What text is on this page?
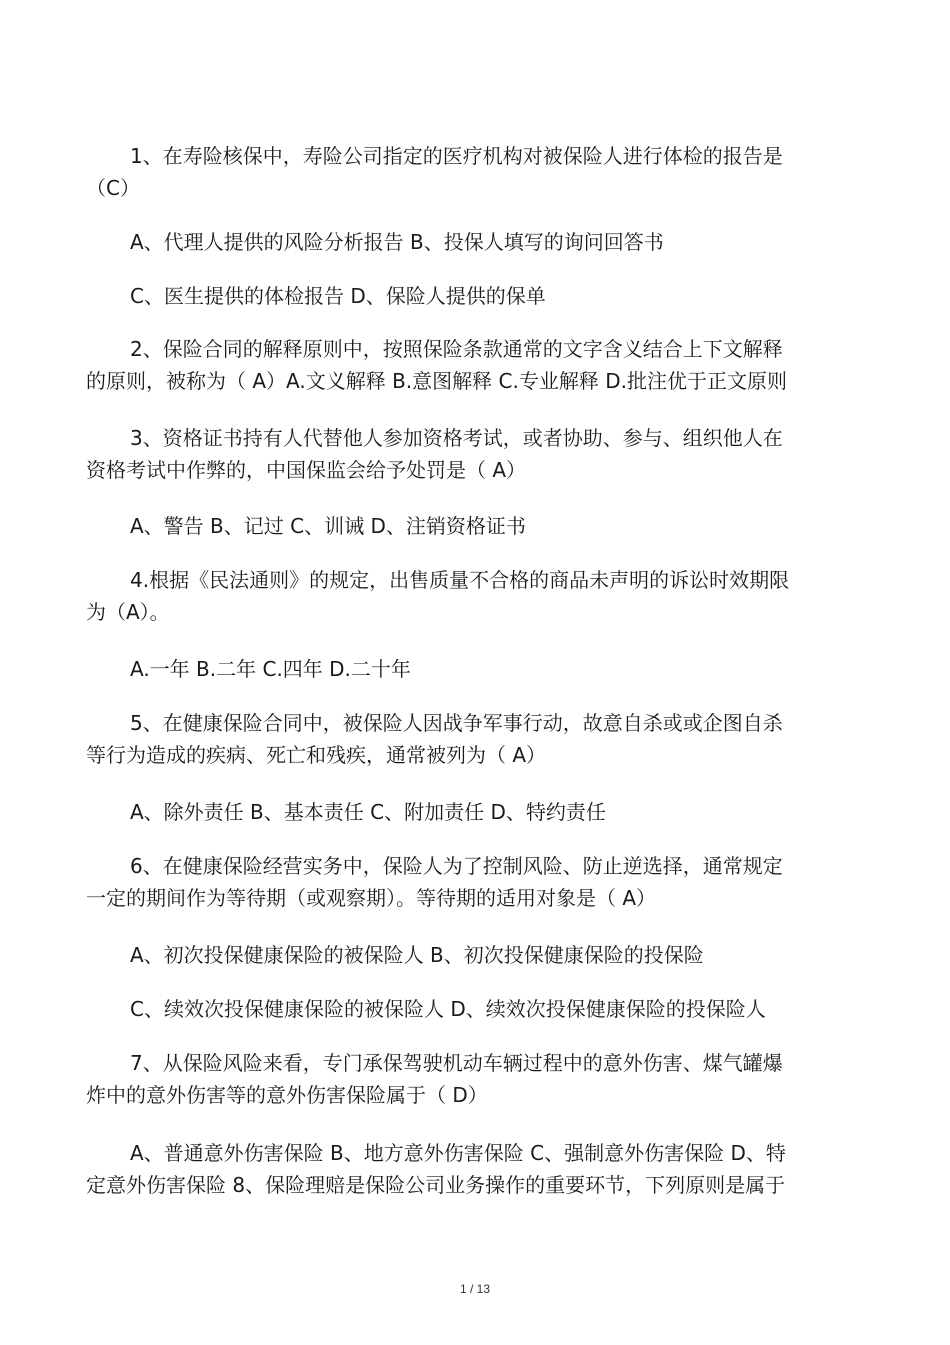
1、在寿险核保中，寿险公司指定的医疗机构对被保险人进行体检的报告是
（C）
A、代理人提供的风险分析报告 B、投保人填写的询问回答书
C、医生提供的体检报告 D、保险人提供的保单
2、保险合同的解释原则中，按照保险条款通常的文字含义结合上下文解释
的原则，被称为（ A）A.文义解释 B.意图解释 C.专业解释 D.批注优于正文原则
3、资格证书持有人代替他人参加资格考试，或者协助、参与、组织他人在
资格考试中作弊的，中国保监会给予处罚是（ A）
A、警告 B、记过 C、训诫 D、注销资格证书
4.根据《民法通则》的规定，出售质量不合格的商品未声明的诉讼时效期限
为（A）。
A.一年 B.二年 C.四年 D.二十年
5、在健康保险合同中，被保险人因战争军事行动，故意自杀或或企图自杀
等行为造成的疾病、死亡和残疾，通常被列为（ A）
A、除外责任 B、基本责任 C、附加责任 D、特约责任
6、在健康保险经营实务中，保险人为了控制风险、防止逆选择，通常规定
一定的期间作为等待期（或观察期）。等待期的适用对象是（ A）
A、初次投保健康保险的被保险人 B、初次投保健康保险的投保险
C、续效次投保健康保险的被保险人 D、续效次投保健康保险的投保险人
7、从保险风险来看，专门承保驾驶机动车辆过程中的意外伤害、煤气罐爆
炸中的意外伤害等的意外伤害保险属于（ D）
A、普通意外伤害保险 B、地方意外伤害保险 C、强制意外伤害保险 D、特
定意外伤害保险 8、保险理赔是保险公司业务操作的重要环节，下列原则是属于
1 / 13
